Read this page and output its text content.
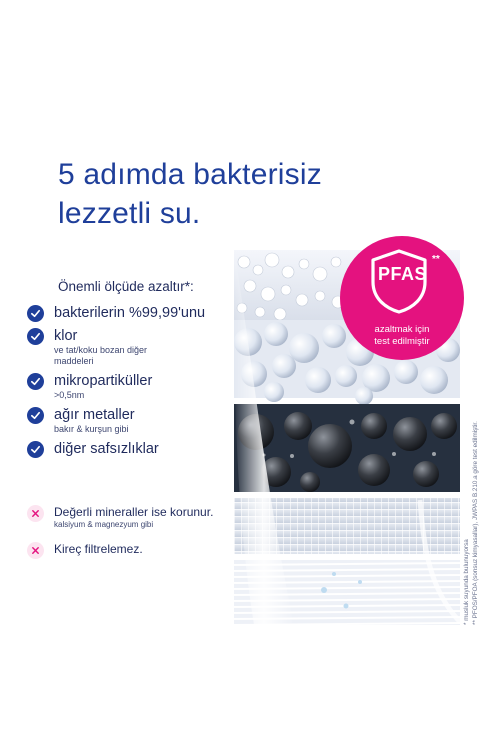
5 adımda bakterisiz
lezzetli su.
Önemli ölçüde azaltır*:
bakterilerin %99,99'unu
klor
ve tat/koku bozan diğer maddeleri
mikropartiküller
>0,5nm
ağır metaller
bakır & kurşun gibi
diğer safsızlıklar
Değerli mineraller ise korunur.
kalsiyum & magnezyum gibi
Kireç filtrelemez.
PFAS
**
azaltmak için
test edilmiştir
* musluk suyunda bulunuyorsa ** PFOS/PFOA (sonsuz kimyasallar), JWPAS B.210.a göre test edilmiştir.
